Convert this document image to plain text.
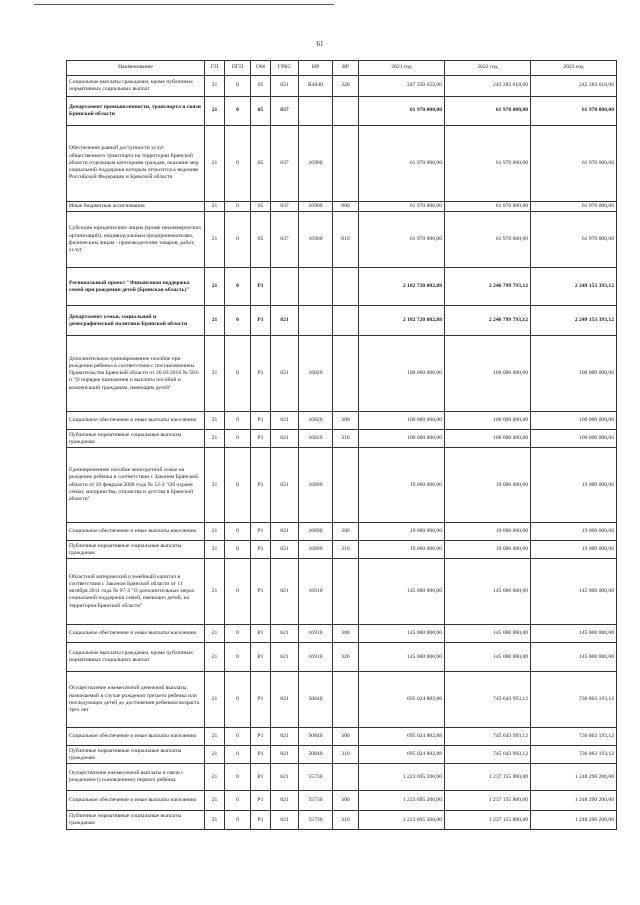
61
Наименование	ГП	ПГП	ОМ	ГРБС	НР	ВР	2021 год	2022 год	2023 год
Социальные выплаты гражданам, кроме публичных нормативных социальных выплат	21	0	05	821	R4040	320	247 550 652,00	242 283 618,00	242 283 618,00
Департамент промышленности, транспорта и связи Брянской области	21	0	05	837			61 970 000,00	61 970 000,00	61 970 000,00
Обеспечение равной доступности услуг общественного транспорта на территории Брянской области отдельным категориям граждан, оказание мер социальной поддержки которым относится к ведению Российской Федерации и Брянской области	21	0	05	837	16900		61 970 000,00	61 970 000,00	61 970 000,00
Иные бюджетные ассигнования	21	0	05	837	16900	800	61 970 000,00	61 970 000,00	61 970 000,00
Субсидии юридическим лицам (кроме некоммерческих организаций), индивидуальным предпринимателям, физическим лицам - производителям товаров, работ, услуг	21	0	05	837	16900	810	61 970 000,00	61 970 000,00	61 970 000,00
Региональный проект "Финансовая поддержка семей при рождении детей (Брянская область)"	21	0	P1				2 182 720 082,88	2 246 799 793,12	2 249 153 393,12
Департамент семьи, социальной и демографической политики Брянской области	21	0	P1	821			2 182 720 082,88	2 246 799 793,12	2 249 153 393,12
Дополнительное единовременное пособие при рождении ребенка в соответствии с постановлением Правительства Брянской области от 26.09.2016 № 503-п "О порядке назначения и выплаты пособий и компенсаций гражданам, имеющим детей"	21	0	P1	821	16820		100 000 000,00	100 000 000,00	100 000 000,00
Социальное обеспечение и иные выплаты населению	21	0	P1	821	16820	300	100 000 000,00	100 000 000,00	100 000 000,00
Публичные нормативные социальные выплаты гражданам	21	0	P1	821	16820	310	100 000 000,00	100 000 000,00	100 000 000,00
Единовременное пособие многодетной семье на рождение ребенка в соответствии с Законом Брянской области от 20 февраля 2008 года № 12-З "Об охране семьи, материнства, отцовства и детства в Брянской области"	21	0	P1	821	16890		19 000 000,00	19 000 000,00	19 000 000,00
Социальное обеспечение и иные выплаты населению	21	0	P1	821	16890	300	19 000 000,00	19 000 000,00	19 000 000,00
Публичные нормативные социальные выплаты гражданам	21	0	P1	821	16890	310	19 000 000,00	19 000 000,00	19 000 000,00
Областной материнский (семейный) капитал в соответствии с Законом Брянской области от 11 октября 2011 года № 97-З "О дополнительных мерах социальной поддержки семей, имеющих детей, на территории Брянской области"	21	0	P1	821	16910		145 000 000,00	145 000 000,00	145 000 000,00
Социальное обеспечение и иные выплаты населению	21	0	P1	821	16910	300	145 000 000,00	145 000 000,00	145 000 000,00
Социальные выплаты гражданам, кроме публичных нормативных социальных выплат	21	0	P1	821	16910	320	145 000 000,00	145 000 000,00	145 000 000,00
Осуществление ежемесячной денежной выплаты, назначаемой в случае рождения третьего ребенка или последующих детей до достижения ребенком возраста трех лет	21	0	P1	821	50840		695 024 882,88	745 643 993,12	736 863 193,12
Социальное обеспечение и иные выплаты населению	21	0	P1	821	50840	300	695 024 882,88	745 643 993,12	736 863 193,12
Публичные нормативные социальные выплаты гражданам	21	0	P1	821	50840	310	695 024 882,88	745 643 993,12	736 863 193,12
Осуществление ежемесячной выплаты в связи с рождением (усыновлением) первого ребенка	21	0	P1	821	55730		1 223 695 200,00	1 237 155 800,00	1 248 290 200,00
Социальное обеспечение и иные выплаты населению	21	0	P1	821	55730	300	1 223 695 200,00	1 237 155 800,00	1 248 290 200,00
Публичные нормативные социальные выплаты гражданам	21	0	P1	821	55730	310	1 223 695 200,00	1 237 155 800,00	1 248 290 200,00
